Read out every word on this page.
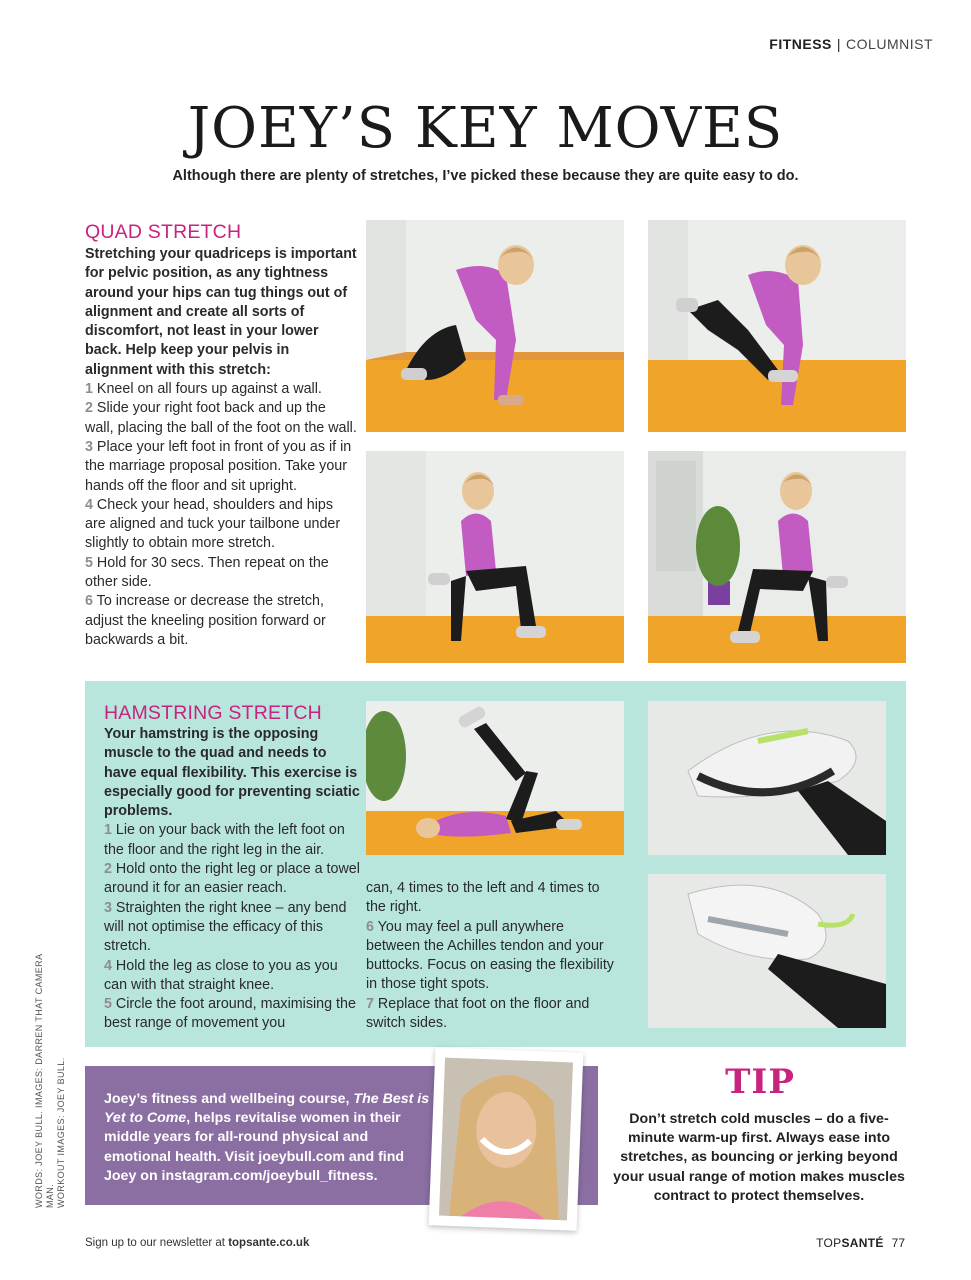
FITNESS | COLUMNIST
JOEY’S KEY MOVES

Although there are plenty of stretches, I’ve picked these because they are quite easy to do.

QUAD STRETCH

Stretching your quadriceps is important for pelvic position, as any tightness around your hips can tug things out of alignment and create all sorts of discomfort, not least in your lower back. Help keep your pelvis in alignment with this stretch:

1 Kneel on all fours up against a wall.

2 Slide your right foot back and up the wall, placing the ball of the foot on the wall.

3 Place your left foot in front of you as if in the marriage proposal position. Take your hands off the floor and sit upright.

4 Check your head, shoulders and hips are aligned and tuck your tailbone under slightly to obtain more stretch.

5 Hold for 30 secs. Then repeat on the other side.

6 To increase or decrease the stretch, adjust the kneeling position forward or backwards a bit.

HAMSTRING STRETCH

Your hamstring is the opposing muscle to the quad and needs to have equal flexibility. This exercise is especially good for preventing sciatic problems.

1 Lie on your back with the left foot on the floor and the right leg in the air.

2 Hold onto the right leg or place a towel around it for an easier reach.

3 Straighten the right knee – any bend will not optimise the efficacy of this stretch.

4 Hold the leg as close to you as you can with that straight knee.

5 Circle the foot around, maximising the best range of movement you

can, 4 times to the left and 4 times to the right.

6 You may feel a pull anywhere between the Achilles tendon and your buttocks. Focus on easing the flexibility in those tight spots.

7 Replace that foot on the floor and switch sides.

Joey’s fitness and wellbeing course, The Best is Yet to Come, helps revitalise women in their middle years for all-round physical and emotional health. Visit joeybull.com and find Joey on instagram.com/joeybull_fitness.

TIP

Don’t stretch cold muscles – do a five-minute warm-up first. Always ease into stretches, as bouncing or jerking beyond your usual range of motion makes muscles contract to protect themselves.

WORDS: JOEY BULL. IMAGES: DARREN THAT CAMERA MAN. WORKOUT IMAGES: JOEY BULL.
Sign up to our newsletter at topsante.co.uk	TOPSANTÉ 77
